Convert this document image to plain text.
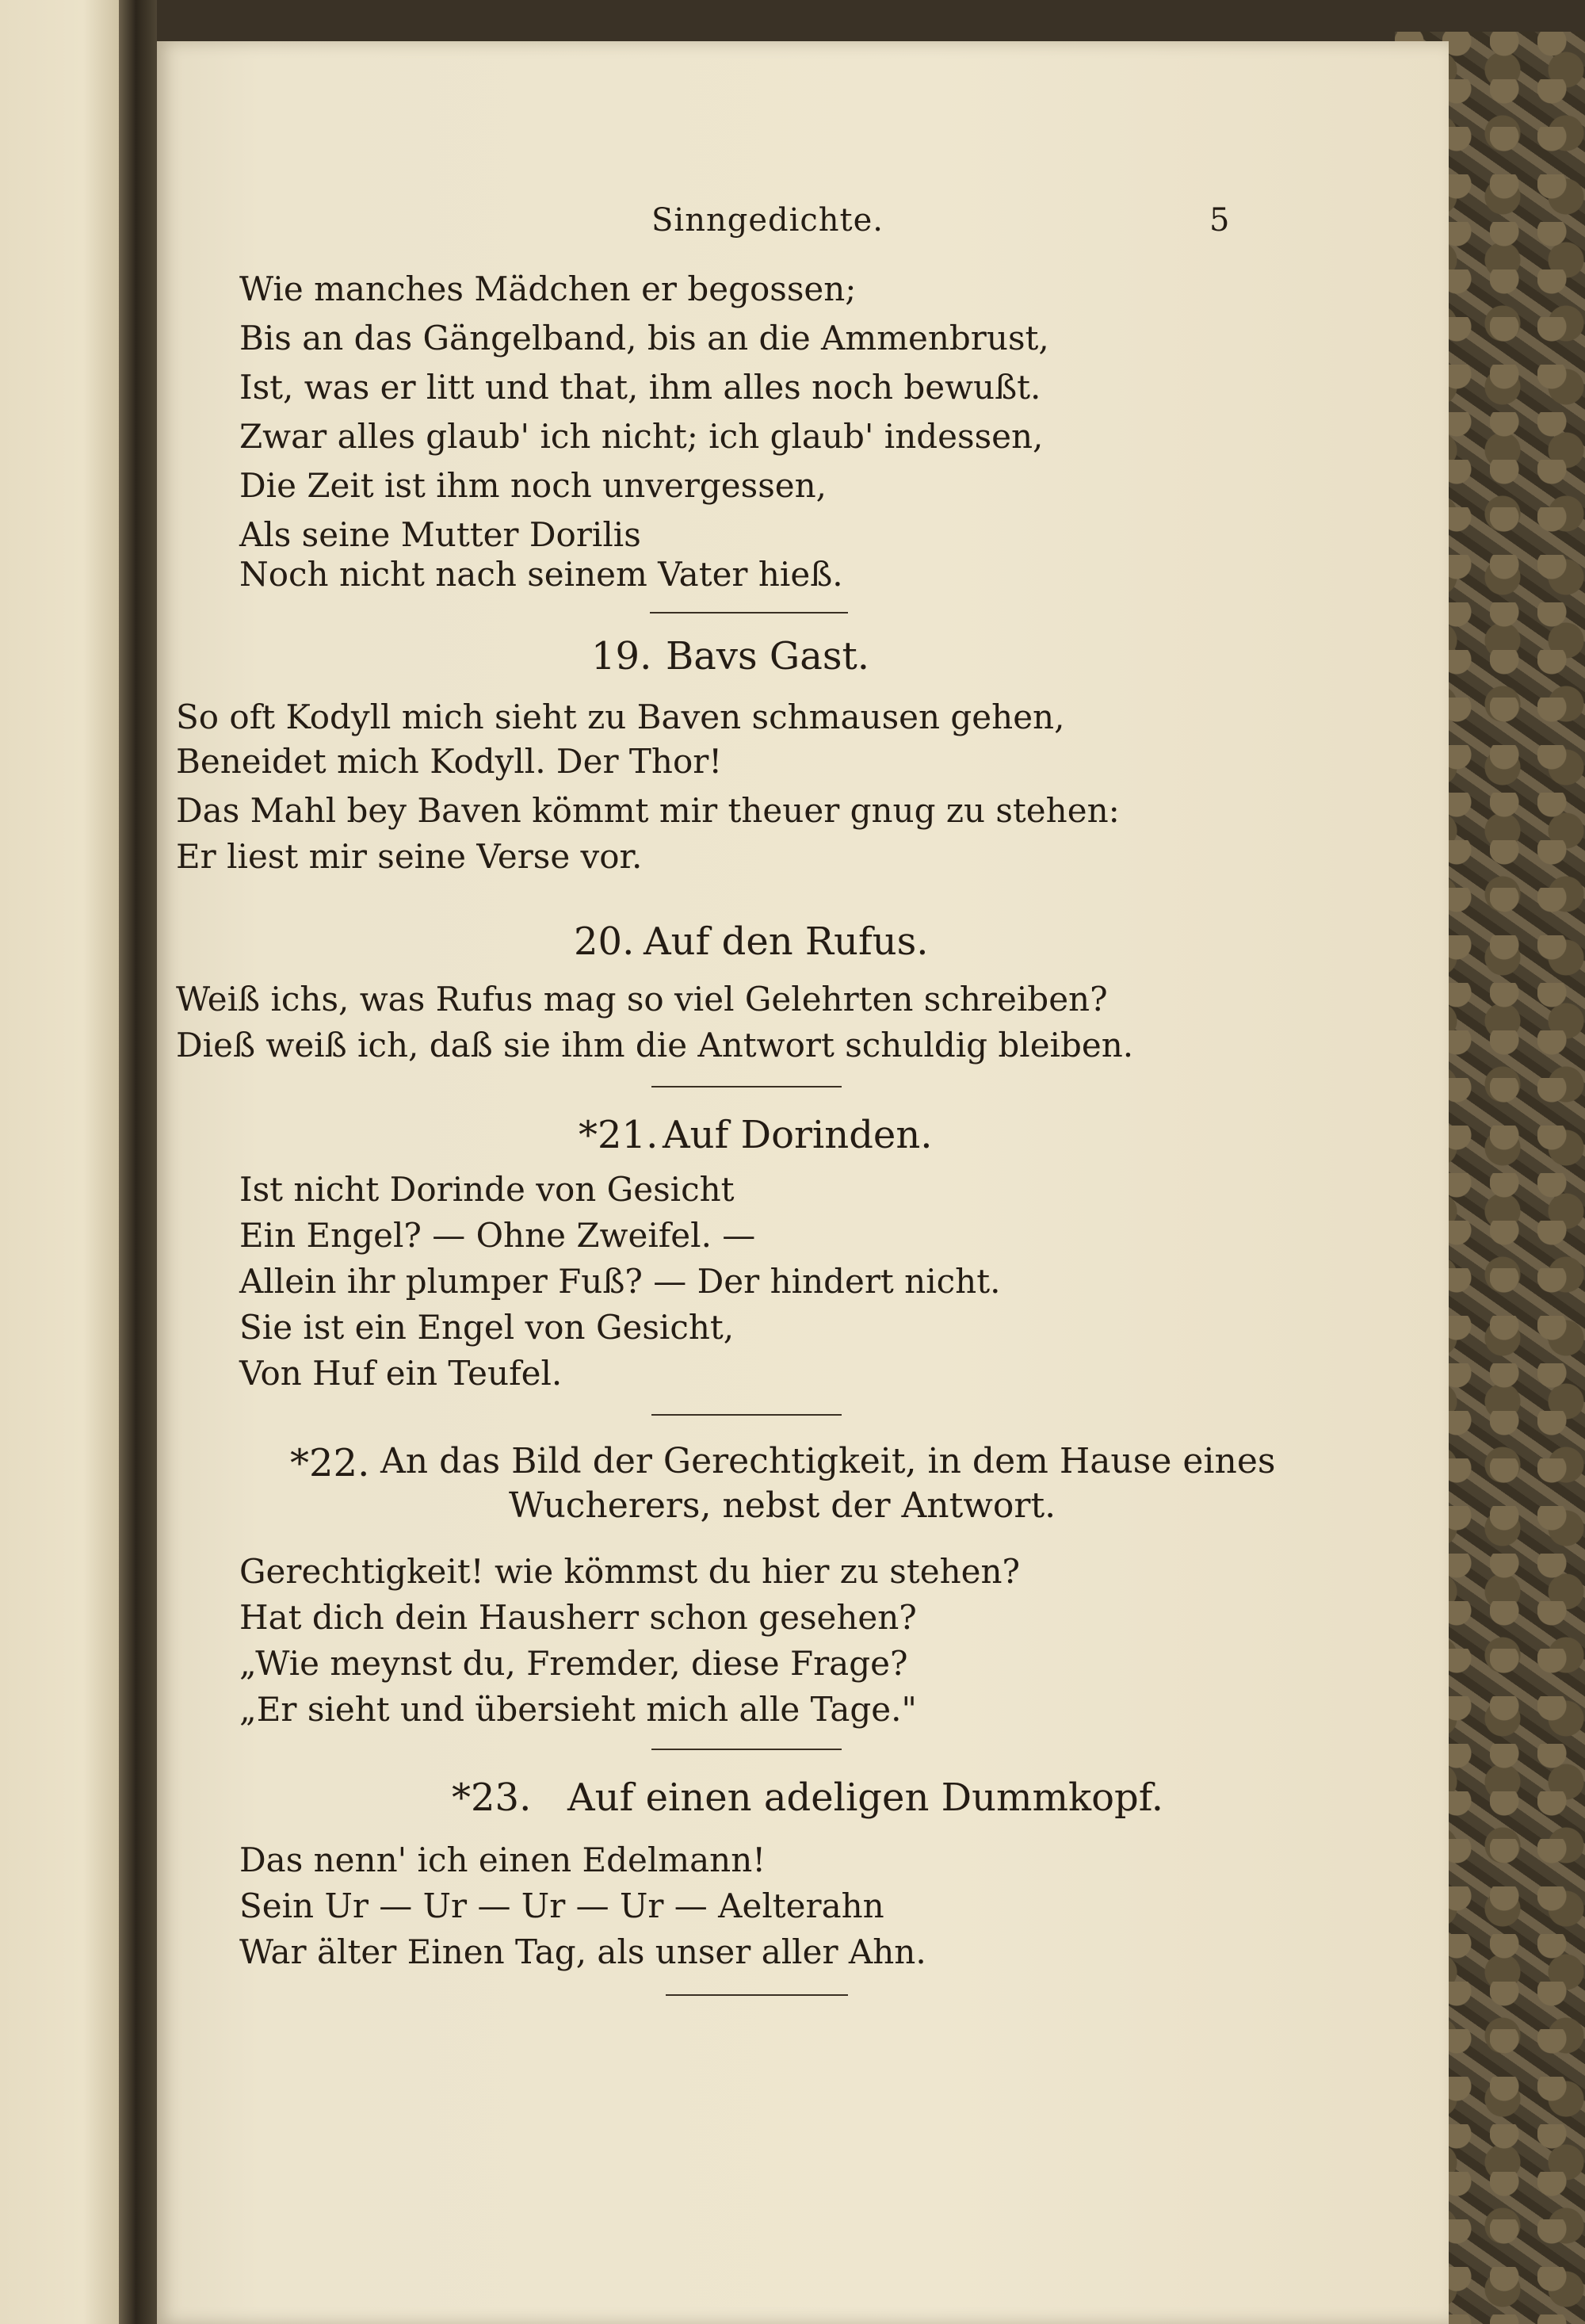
Sinngedichte.	5
Wie manches Mädchen er begossen;
Bis an das Gängelband, bis an die Ammenbrust,
Ist, was er litt und that, ihm alles noch bewußt.
Zwar alles glaub' ich nicht; ich glaub' indessen,
Die Zeit ist ihm noch unvergessen,
Als seine Mutter Dorilis
Noch nicht nach seinem Vater hieß.
19. Bavs Gast.
So oft Kodyll mich sieht zu Baven schmausen gehen,
Beneidet mich Kodyll. Der Thor!
Das Mahl bey Baven kömmt mir theuer gnug zu stehen:
Er liest mir seine Verse vor.
20. Auf den Rufus.
Weiß ichs, was Rufus mag so viel Gelehrten schreiben?
Dieß weiß ich, daß sie ihm die Antwort schuldig bleiben.
*21. Auf Dorinden.
Ist nicht Dorinde von Gesicht
Ein Engel? — Ohne Zweifel. —
Allein ihr plumper Fuß? — Der hindert nicht.
Sie ist ein Engel von Gesicht,
Von Huf ein Teufel.
*22. An das Bild der Gerechtigkeit, in dem Hause eines
Wucherers, nebst der Antwort.
Gerechtigkeit! wie kömmst du hier zu stehen?
Hat dich dein Hausherr schon gesehen?
„Wie meynst du, Fremder, diese Frage?
„Er sieht und übersieht mich alle Tage."
*23. Auf einen adeligen Dummkopf.
Das nenn' ich einen Edelmann!
Sein Ur — Ur — Ur — Ur — Aelterahn
War älter Einen Tag, als unser aller Ahn.
